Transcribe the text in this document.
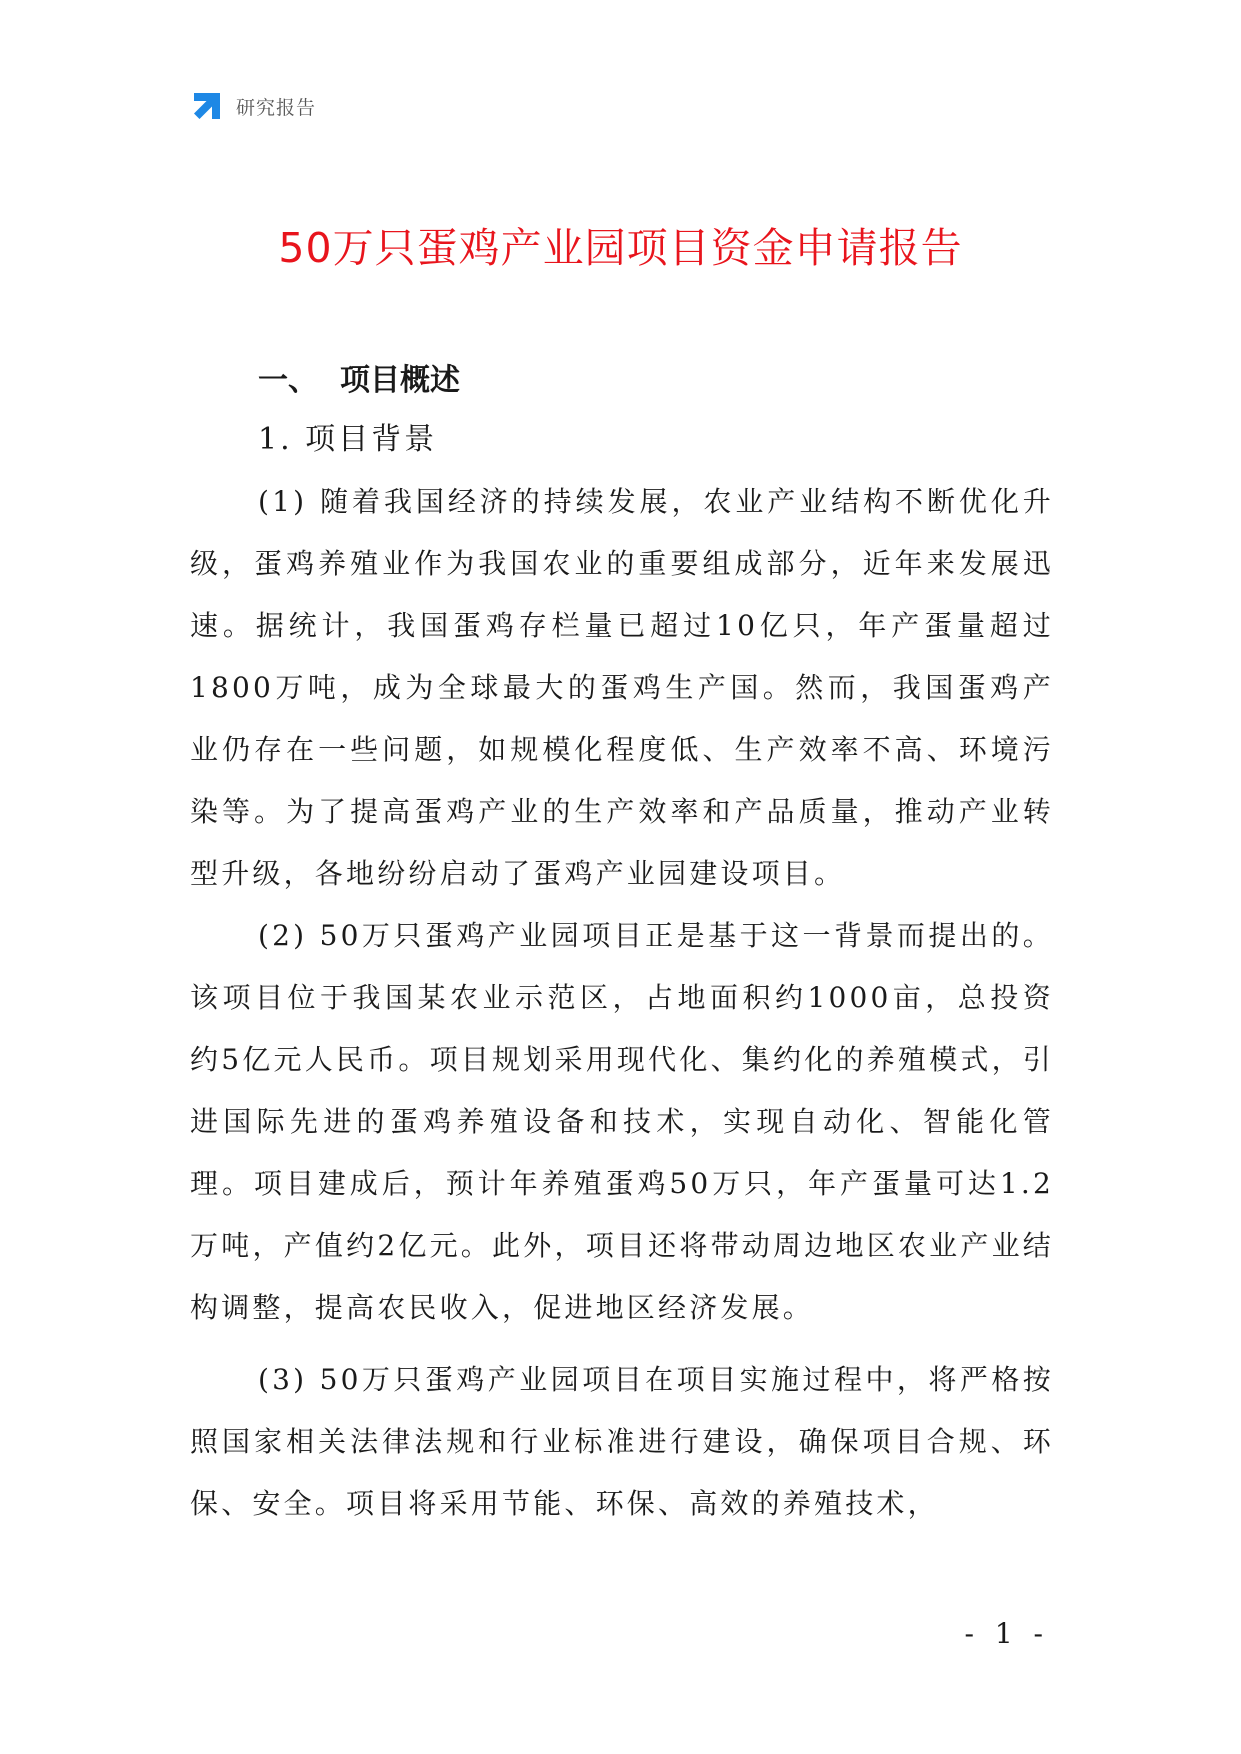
研究报告
50万只蛋鸡产业园项目资金申请报告
一、 项目概述
1. 项目背景

(1) 随着我国经济的持续发展，农业产业结构不断优化升级，蛋鸡养殖业作为我国农业的重要组成部分，近年来发展迅速。据统计，我国蛋鸡存栏量已超过10亿只，年产蛋量超过1800万吨，成为全球最大的蛋鸡生产国。然而，我国蛋鸡产业仍存在一些问题，如规模化程度低、生产效率不高、环境污染等。为了提高蛋鸡产业的生产效率和产品质量，推动产业转型升级，各地纷纷启动了蛋鸡产业园建设项目。

(2) 50万只蛋鸡产业园项目正是基于这一背景而提出的。该项目位于我国某农业示范区，占地面积约1000亩，总投资约5亿元人民币。项目规划采用现代化、集约化的养殖模式，引进国际先进的蛋鸡养殖设备和技术，实现自动化、智能化管理。项目建成后，预计年养殖蛋鸡50万只，年产蛋量可达1.2万吨，产值约2亿元。此外，项目还将带动周边地区农业产业结构调整，提高农民收入，促进地区经济发展。

(3) 50万只蛋鸡产业园项目在项目实施过程中，将严格按照国家相关法律法规和行业标准进行建设，确保项目合规、环保、安全。项目将采用节能、环保、高效的养殖技术，

- 1 -
